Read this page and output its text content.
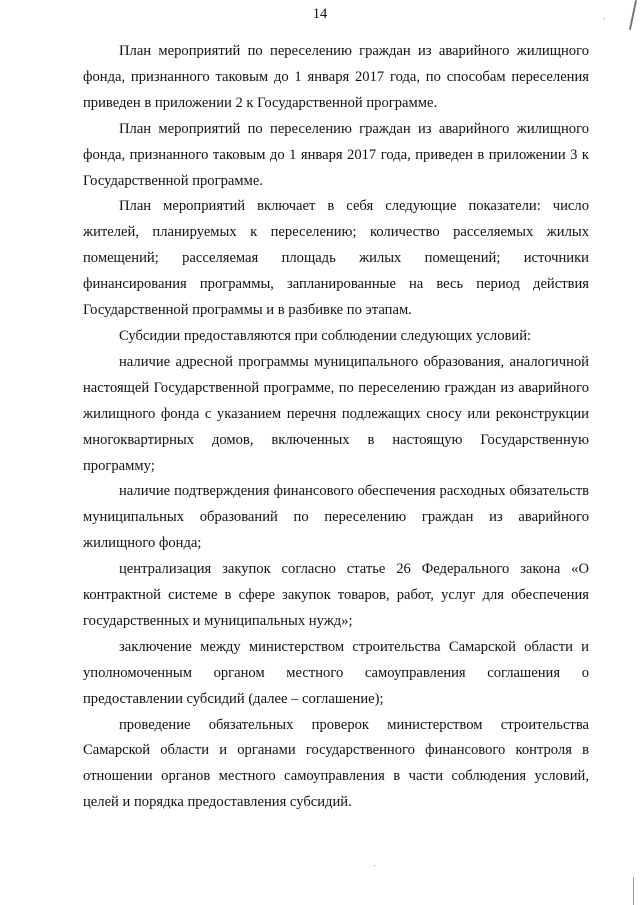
14

План мероприятий по переселению граждан из аварийного жилищного фонда, признанного таковым до 1 января 2017 года, по способам переселения приведен в приложении 2 к Государственной программе.

План мероприятий по переселению граждан из аварийного жилищного фонда, признанного таковым до 1 января 2017 года, приведен в приложении 3 к Государственной программе.

План мероприятий включает в себя следующие показатели: число жителей, планируемых к переселению; количество расселяемых жилых помещений; расселяемая площадь жилых помещений; источники финансирования программы, запланированные на весь период действия Государственной программы и в разбивке по этапам.

Субсидии предоставляются при соблюдении следующих условий:

наличие адресной программы муниципального образования, аналогичной настоящей Государственной программе, по переселению граждан из аварийного жилищного фонда с указанием перечня подлежащих сносу или реконструкции многоквартирных домов, включенных в настоящую Государственную программу;

наличие подтверждения финансового обеспечения расходных обязательств муниципальных образований по переселению граждан из аварийного жилищного фонда;

централизация закупок согласно статье 26 Федерального закона «О контрактной системе в сфере закупок товаров, работ, услуг для обеспечения государственных и муниципальных нужд»;

заключение между министерством строительства Самарской области и уполномоченным органом местного самоуправления соглашения о предоставлении субсидий (далее – соглашение);

проведение обязательных проверок министерством строительства Самарской области и органами государственного финансового контроля в отношении органов местного самоуправления в части соблюдения условий, целей и порядка предоставления субсидий.
